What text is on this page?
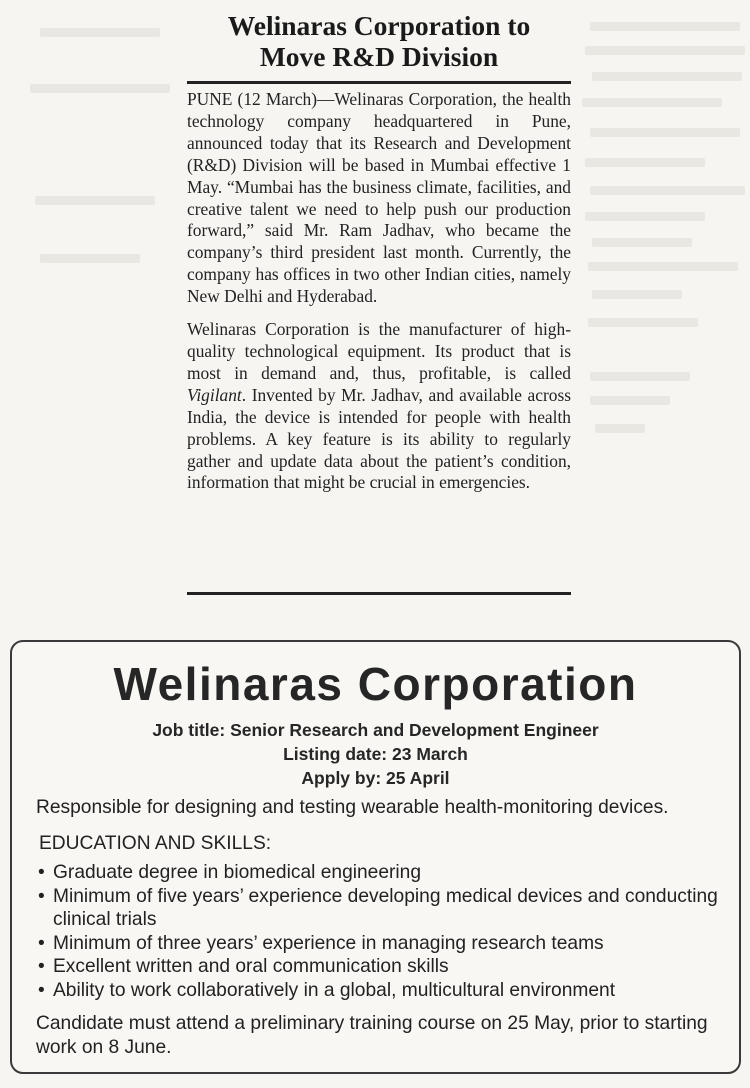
Welinaras Corporation to
Move R&D Division

PUNE (12 March)—Welinaras Corporation, the health technology company headquartered in Pune, announced today that its Research and Development (R&D) Division will be based in Mumbai effective 1 May. “Mumbai has the business climate, facilities, and creative talent we need to help push our production forward,” said Mr. Ram Jadhav, who became the company’s third president last month. Currently, the company has offices in two other Indian cities, namely New Delhi and Hyderabad.

Welinaras Corporation is the manufacturer of high-quality technological equipment. Its product that is most in demand and, thus, profitable, is called Vigilant. Invented by Mr. Jadhav, and available across India, the device is intended for people with health problems. A key feature is its ability to regularly gather and update data about the patient’s condition, information that might be crucial in emergencies.

Welinaras Corporation
Job title: Senior Research and Development Engineer
Listing date: 23 March
Apply by: 25 April

Responsible for designing and testing wearable health-monitoring devices.

EDUCATION AND SKILLS:
• Graduate degree in biomedical engineering
• Minimum of five years’ experience developing medical devices and conducting clinical trials
• Minimum of three years’ experience in managing research teams
• Excellent written and oral communication skills
• Ability to work collaboratively in a global, multicultural environment

Candidate must attend a preliminary training course on 25 May, prior to starting work on 8 June.
